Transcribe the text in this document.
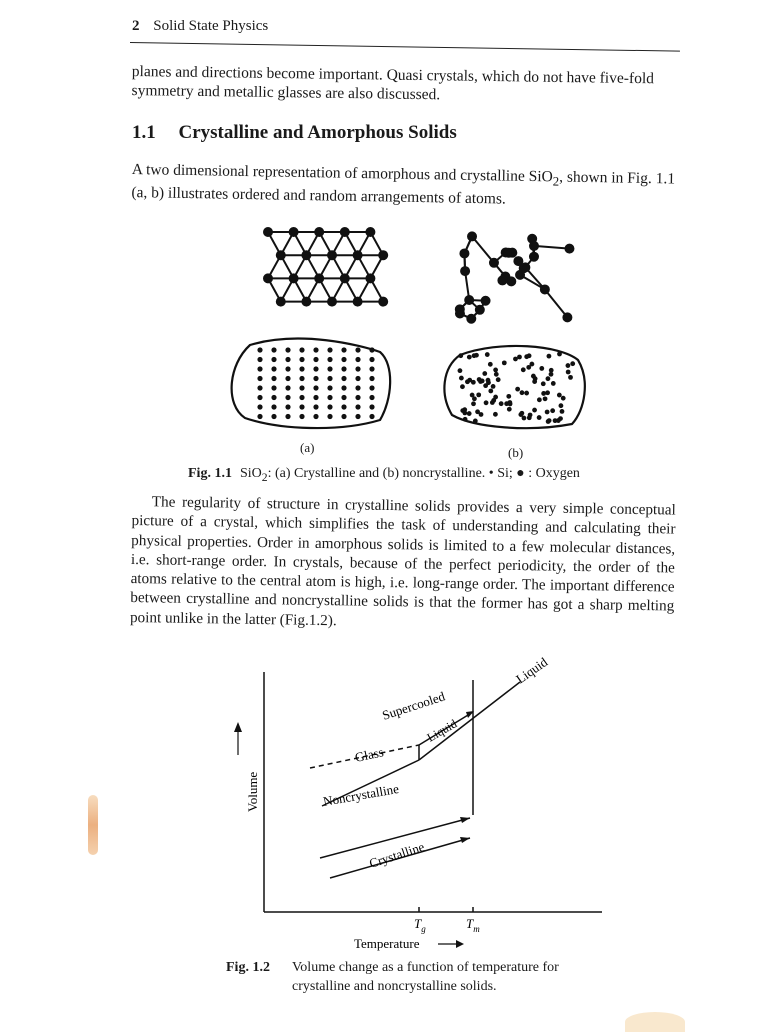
2 Solid State Physics
planes and directions become important. Quasi crystals, which do not have five-fold symmetry and metallic glasses are also discussed.
1.1 Crystalline and Amorphous Solids
A two dimensional representation of amorphous and crystalline SiO$_2$, shown in Fig. 1.1 (a, b) illustrates ordered and random arrangements of atoms.
(a)	(b)
Fig. 1.1 SiO$_2$: (a) Crystalline and (b) noncrystalline. • Si; ● : Oxygen
The regularity of structure in crystalline solids provides a very simple conceptual picture of a crystal, which simplifies the task of understanding and calculating their physical properties. Order in amorphous solids is limited to a few molecular distances, i.e. short-range order. In crystals, because of the perfect periodicity, the order of the atoms relative to the central atom is high, i.e. long-range order. The important difference between crystalline and noncrystalline solids is that the former has got a sharp melting point unlike in the latter (Fig.1.2).
Volume
Liquid
Supercooled
Liquid
Glass
Noncrystalline
Crystalline
Temperature
$T_g$	$T_m$
Fig. 1.2 Volume change as a function of temperature for crystalline and noncrystalline solids.
